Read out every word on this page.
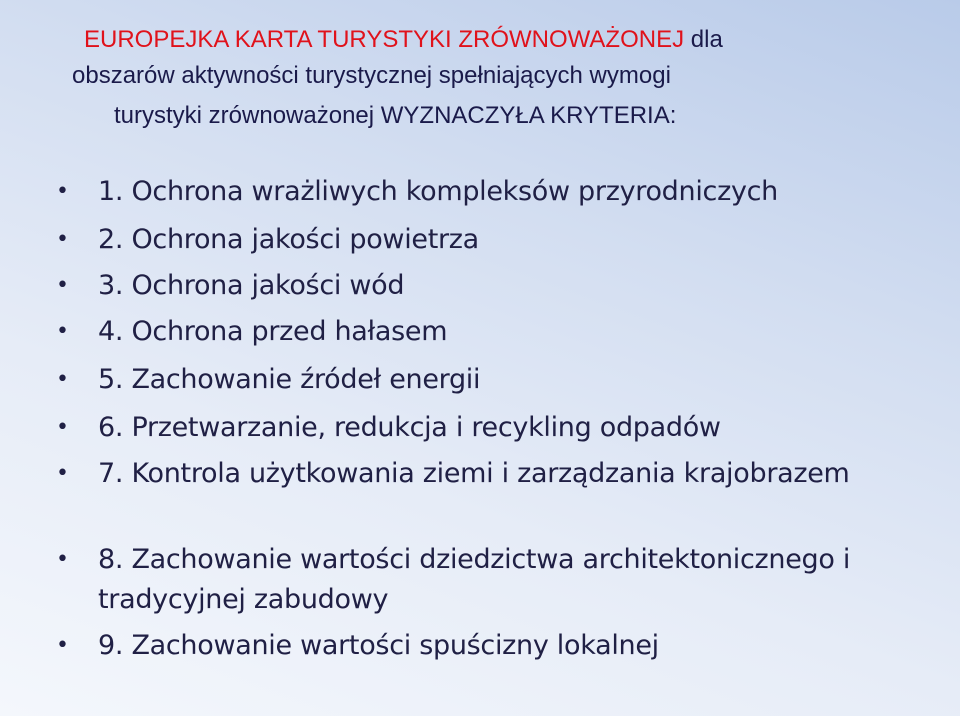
EUROPEJKA KARTA TURYSTYKI ZRÓWNOWAŻONEJ dla
obszarów aktywności turystycznej spełniających wymogi
turystyki zrównoważonej WYZNACZYŁA KRYTERIA:
• 1. Ochrona wrażliwych kompleksów przyrodniczych
• 2. Ochrona jakości powietrza
• 3. Ochrona jakości wód
• 4. Ochrona przed hałasem
• 5. Zachowanie źródeł energii
• 6. Przetwarzanie, redukcja i recykling odpadów
• 7. Kontrola użytkowania ziemi i zarządzania krajobrazem
• 8. Zachowanie wartości dziedzictwa architektonicznego i tradycyjnej zabudowy
• 9. Zachowanie wartości spuścizny lokalnej
